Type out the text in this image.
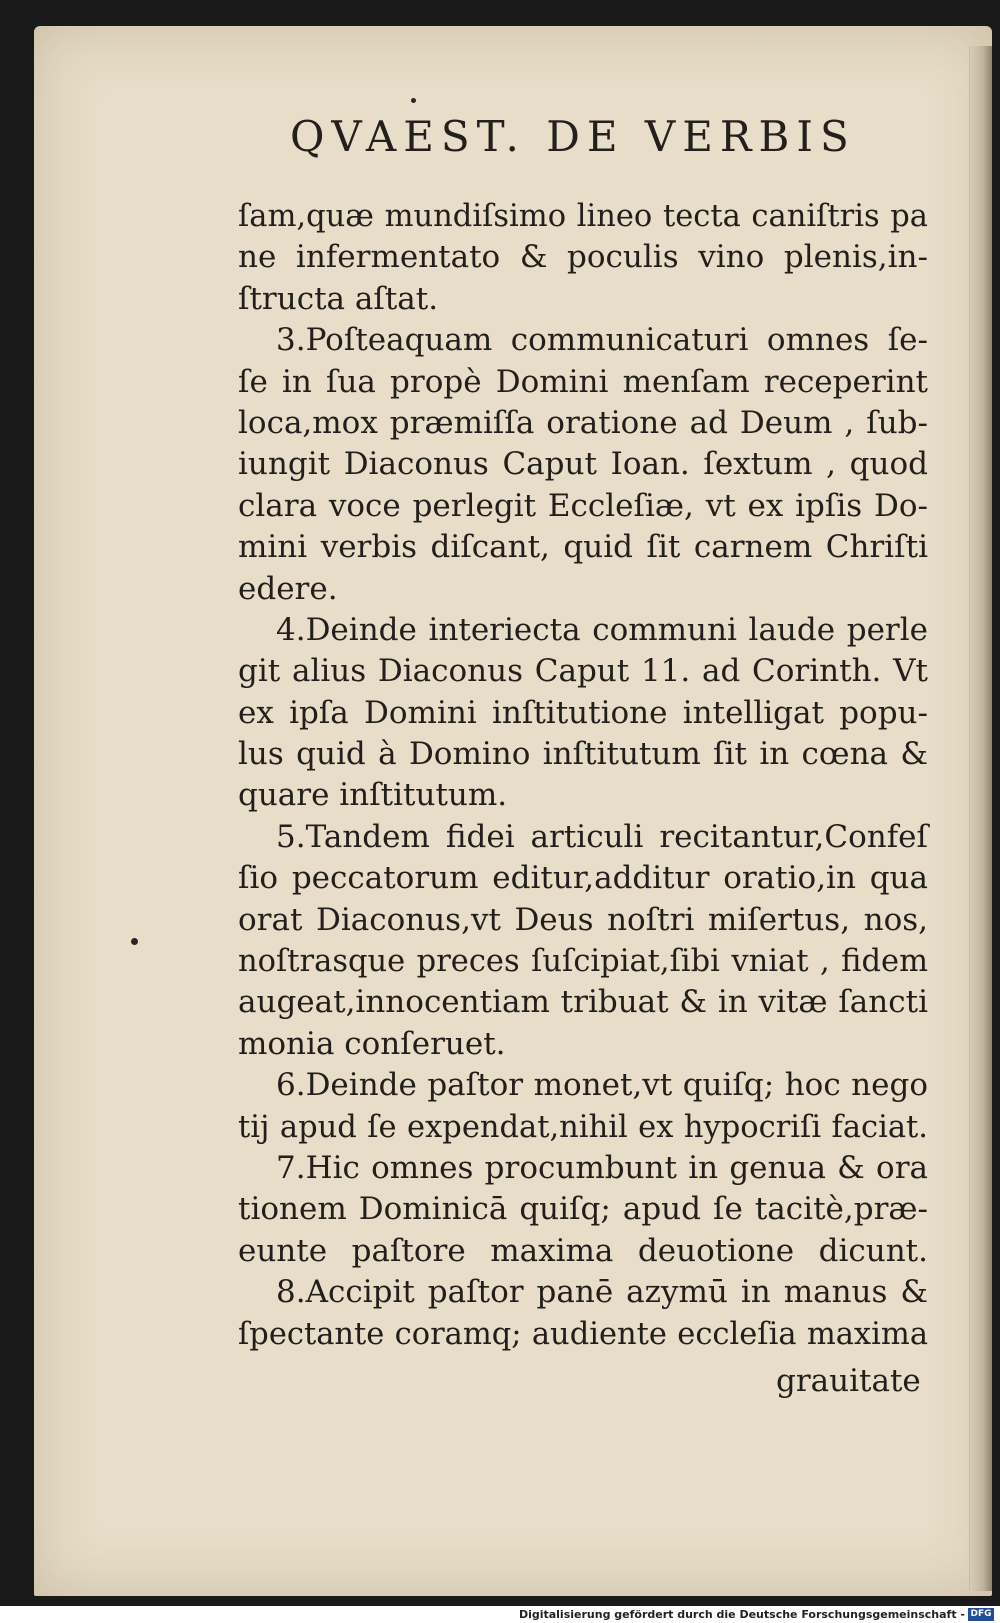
QVAEST. DE VERBIS
ſam,quæ mundiſsimo lineo tecta caniſtris pa
ne infermentato & poculis vino plenis,in-
ſtructa aſtat.
3.Poſteaquam communicaturi omnes ſe-
ſe in ſua propè Domini menſam receperint
loca,mox præmiſſa oratione ad Deum , ſub-
iungit Diaconus Caput Ioan. ſextum , quod
clara voce perlegit Eccleſiæ, vt ex ipſis Do-
mini verbis diſcant, quid ſit carnem Chriſti
edere.
4.Deinde interiecta communi laude perle
git alius Diaconus Caput 11. ad Corinth. Vt
ex ipſa Domini inſtitutione intelligat popu-
lus quid à Domino inſtitutum ſit in cœna &
quare inſtitutum.
5.Tandem fidei articuli recitantur,Confeſ
ſio peccatorum editur,additur oratio,in qua
orat Diaconus,vt Deus noſtri miſertus, nos,
noſtrasque preces ſuſcipiat,ſibi vniat , fidem
augeat,innocentiam tribuat & in vitæ ſancti
monia conſeruet.
6.Deinde paſtor monet,vt quiſq; hoc nego
tij apud ſe expendat,nihil ex hypocriſi faciat.
7.Hic omnes procumbunt in genua & ora
tionem Dominicā quiſq; apud ſe tacitè,præ-
eunte paſtore maxima deuotione dicunt.
8.Accipit paſtor panē azymū in manus &
ſpectante coramq; audiente eccleſia maxima
grauitate
Digitalisierung gefördert durch die Deutsche Forschungsgemeinschaft - DFG
